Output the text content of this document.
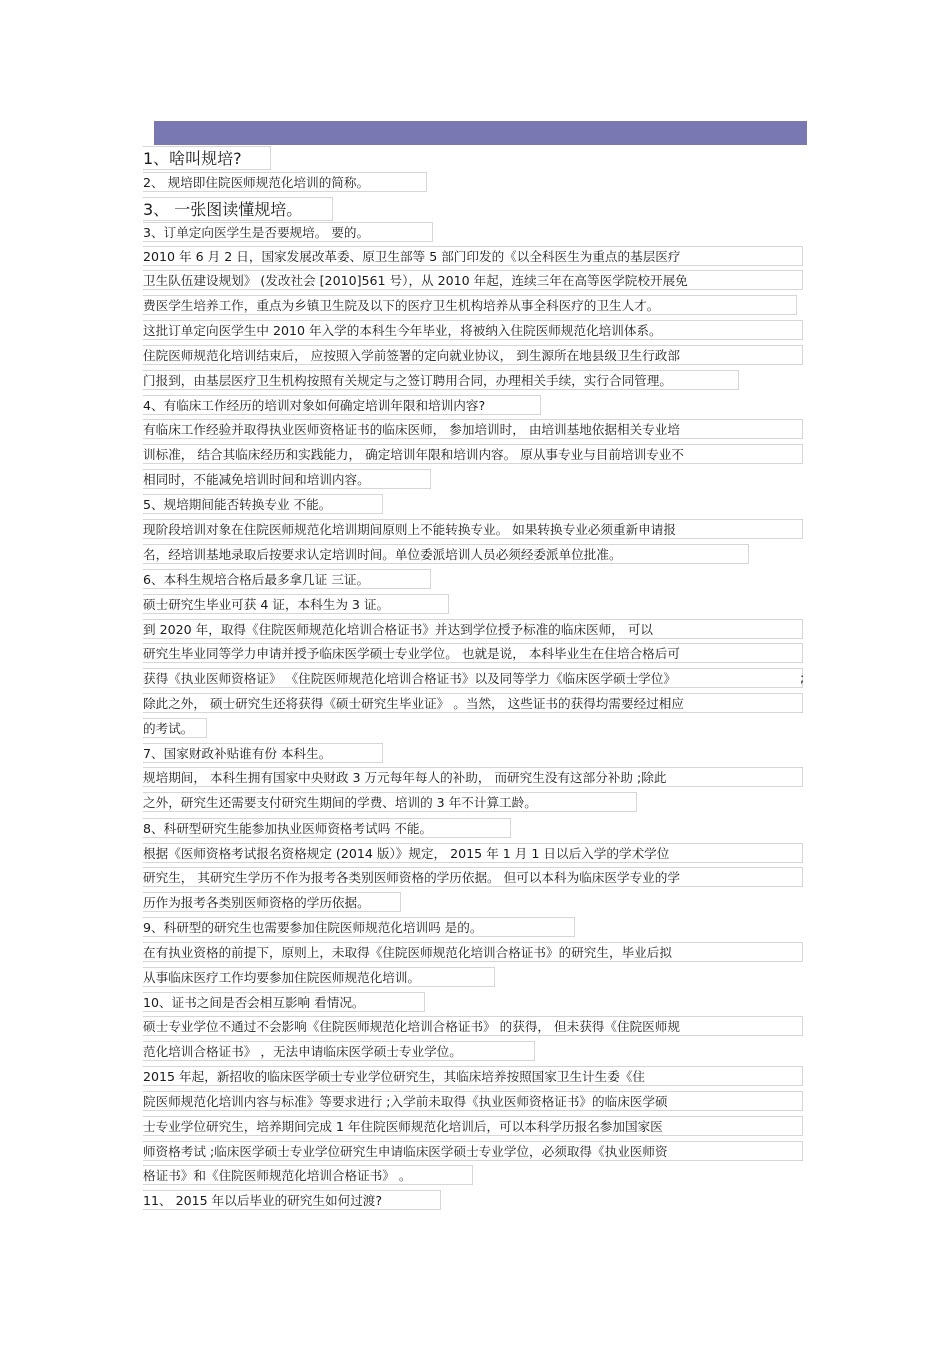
1、啥叫规培?
2、 规培即住院医师规范化培训的简称。
3、 一张图读懂规培。
3、订单定向医学生是否要规培。 要的。
2010 年 6 月 2 日，国家发展改革委、原卫生部等 5 部门印发的《以全科医生为重点的基层医疗
卫生队伍建设规划》 (发改社会 [2010]561 号），从 2010 年起，连续三年在高等医学院校开展免
费医学生培养工作，重点为乡镇卫生院及以下的医疗卫生机构培养从事全科医疗的卫生人才。
这批订单定向医学生中 2010 年入学的本科生今年毕业，将被纳入住院医师规范化培训体系。
住院医师规范化培训结束后， 应按照入学前签署的定向就业协议， 到生源所在地县级卫生行政部
门报到，由基层医疗卫生机构按照有关规定与之签订聘用合同，办理相关手续，实行合同管理。
4、有临床工作经历的培训对象如何确定培训年限和培训内容?
有临床工作经验并取得执业医师资格证书的临床医师， 参加培训时， 由培训基地依据相关专业培
训标准， 结合其临床经历和实践能力， 确定培训年限和培训内容。 原从事专业与目前培训专业不
相同时，不能减免培训时间和培训内容。
5、规培期间能否转换专业 不能。
现阶段培训对象在住院医师规范化培训期间原则上不能转换专业。 如果转换专业必须重新申请报
名，经培训基地录取后按要求认定培训时间。单位委派培训人员必须经委派单位批准。
6、本科生规培合格后最多拿几证 三证。
硕士研究生毕业可获 4 证，本科生为 3 证。
到 2020 年，取得《住院医师规范化培训合格证书》并达到学位授予标准的临床医师， 可以
研究生毕业同等学力申请并授予临床医学硕士专业学位。 也就是说， 本科毕业生在住培合格后可
获得《执业医师资格证》 《住院医师规范化培训合格证书》以及同等学力《临床医学硕士学位》	;
除此之外， 硕士研究生还将获得《硕士研究生毕业证》 。当然， 这些证书的获得均需要经过相应
的考试。
7、国家财政补贴谁有份 本科生。
规培期间， 本科生拥有国家中央财政 3 万元每年每人的补助， 而研究生没有这部分补助 ;除此
之外，研究生还需要支付研究生期间的学费、培训的 3 年不计算工龄。
8、科研型研究生能参加执业医师资格考试吗 不能。
根据《医师资格考试报名资格规定 (2014 版）》规定， 2015 年 1 月 1 日以后入学的学术学位
研究生， 其研究生学历不作为报考各类别医师资格的学历依据。 但可以本科为临床医学专业的学
历作为报考各类别医师资格的学历依据。
9、科研型的研究生也需要参加住院医师规范化培训吗 是的。
在有执业资格的前提下，原则上，未取得《住院医师规范化培训合格证书》的研究生，毕业后拟
从事临床医疗工作均要参加住院医师规范化培训。
10、证书之间是否会相互影响 看情况。
硕士专业学位不通过不会影响《住院医师规范化培训合格证书》 的获得， 但未获得《住院医师规
范化培训合格证书》 ，无法申请临床医学硕士专业学位。
2015 年起，新招收的临床医学硕士专业学位研究生，其临床培养按照国家卫生计生委《住
院医师规范化培训内容与标准》等要求进行 ;入学前未取得《执业医师资格证书》的临床医学硕
士专业学位研究生，培养期间完成 1 年住院医师规范化培训后，可以本科学历报名参加国家医
师资格考试 ;临床医学硕士专业学位研究生申请临床医学硕士专业学位，必须取得《执业医师资
格证书》和《住院医师规范化培训合格证书》 。
11、 2015 年以后毕业的研究生如何过渡?
